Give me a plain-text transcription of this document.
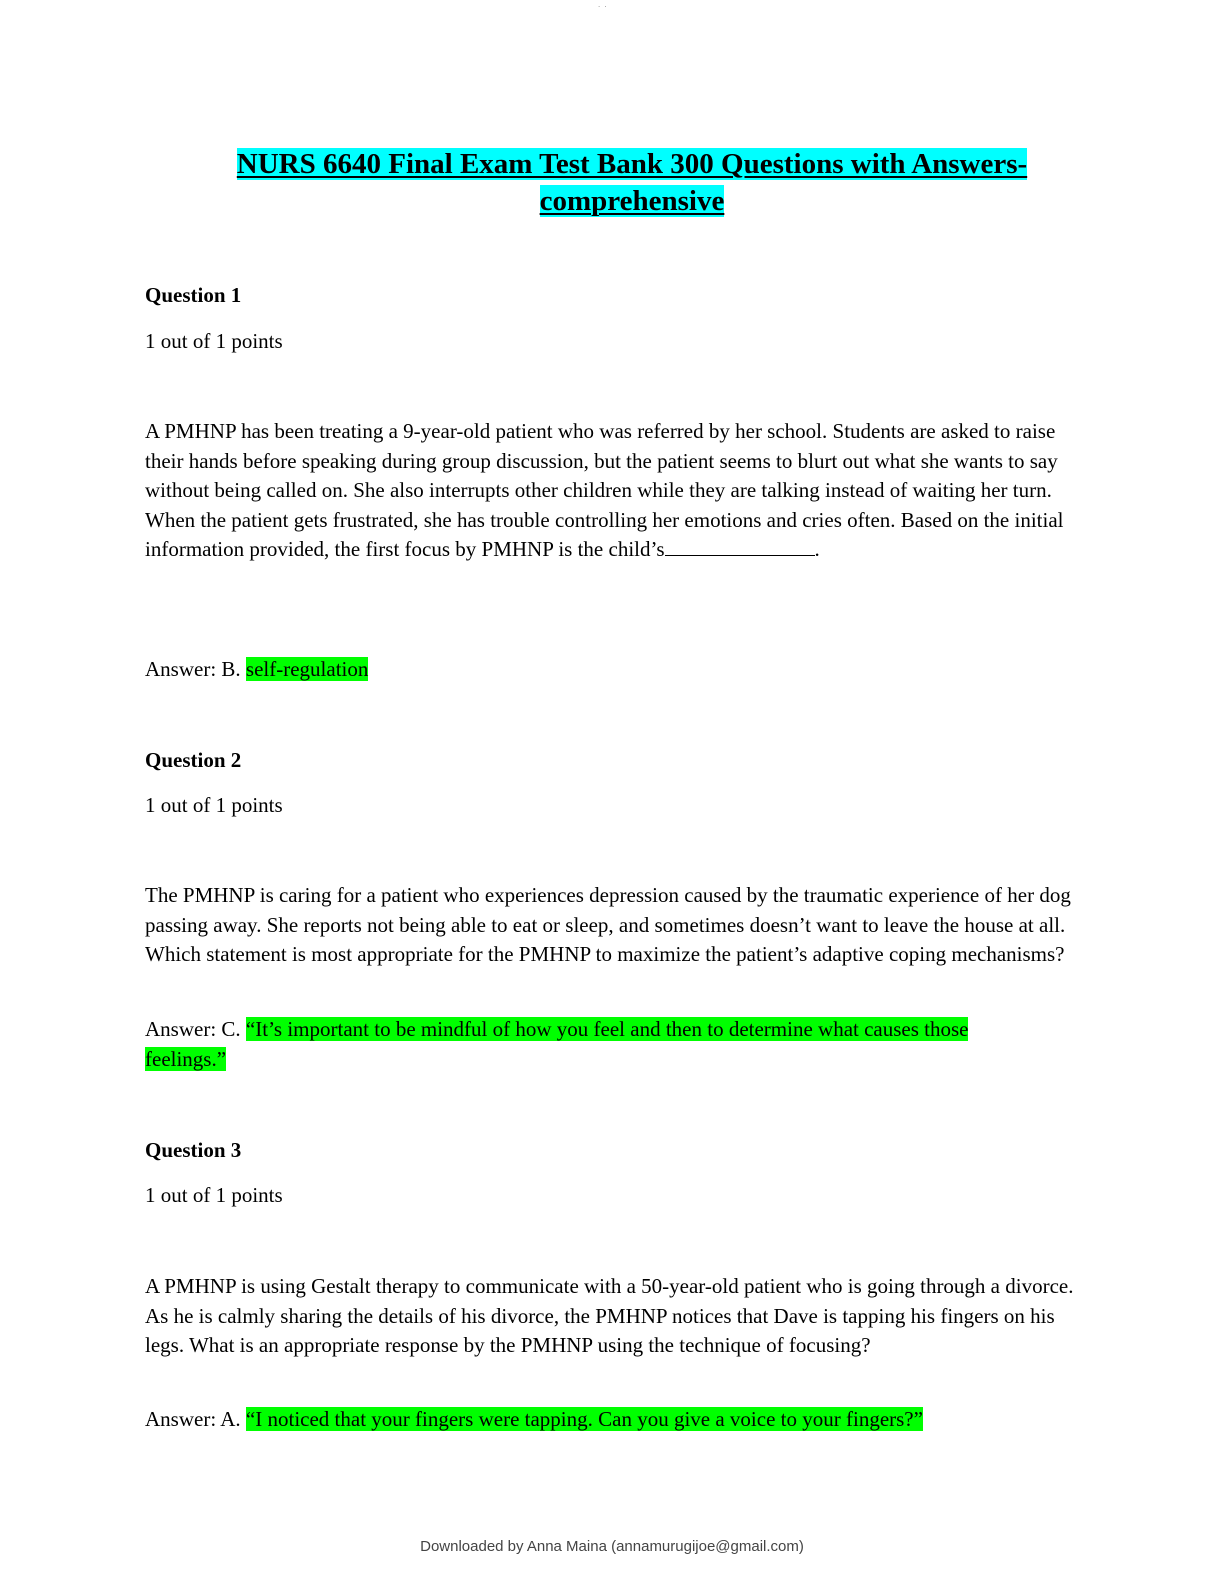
. .
NURS 6640 Final Exam Test Bank 300 Questions with Answers-
comprehensive
Question 1
1 out of 1 points
A PMHNP has been treating a 9-year-old patient who was referred by her school. Students are asked to raise their hands before speaking during group discussion, but the patient seems to blurt out what she wants to say without being called on. She also interrupts other children while they are talking instead of waiting her turn. When the patient gets frustrated, she has trouble controlling her emotions and cries often. Based on the initial information provided, the first focus by PMHNP is the child’s	.
Answer: B. self-regulation
Question 2
1 out of 1 points
The PMHNP is caring for a patient who experiences depression caused by the traumatic experience of her dog passing away. She reports not being able to eat or sleep, and sometimes doesn’t want to leave the house at all. Which statement is most appropriate for the PMHNP to maximize the patient’s adaptive coping mechanisms?
Answer: C. “It’s important to be mindful of how you feel and then to determine what causes those feelings.”
Question 3
1 out of 1 points
A PMHNP is using Gestalt therapy to communicate with a 50-year-old patient who is going through a divorce. As he is calmly sharing the details of his divorce, the PMHNP notices that Dave is tapping his fingers on his legs. What is an appropriate response by the PMHNP using the technique of focusing?
Answer: A. “I noticed that your fingers were tapping. Can you give a voice to your fingers?”
Downloaded by Anna Maina (annamurugijoe@gmail.com)
